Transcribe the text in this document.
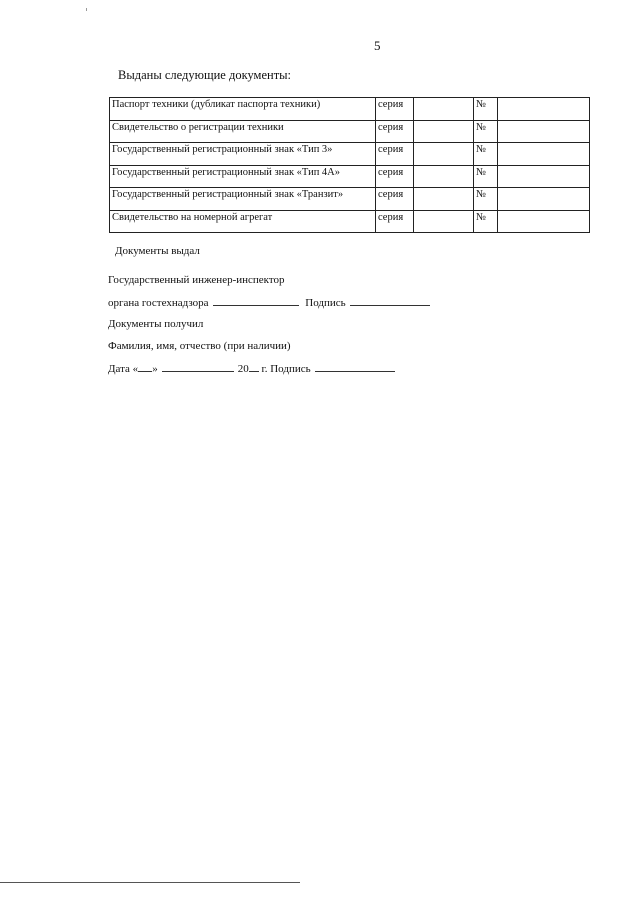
5
Выданы следующие документы:
Паспорт техники (дубликат паспорта техники)	серия		№	
Свидетельство о регистрации техники	серия		№	
Государственный регистрационный знак «Тип 3»	серия		№	
Государственный регистрационный знак «Тип 4А»	серия		№	
Государственный регистрационный знак «Транзит»	серия		№	
Свидетельство на номерной агрегат	серия		№	
Документы выдал
Государственный инженер-инспектор
органа гостехнадзора	Подпись
Документы получил
Фамилия, имя, отчество (при наличии)
Дата « »	20 г. Подпись
